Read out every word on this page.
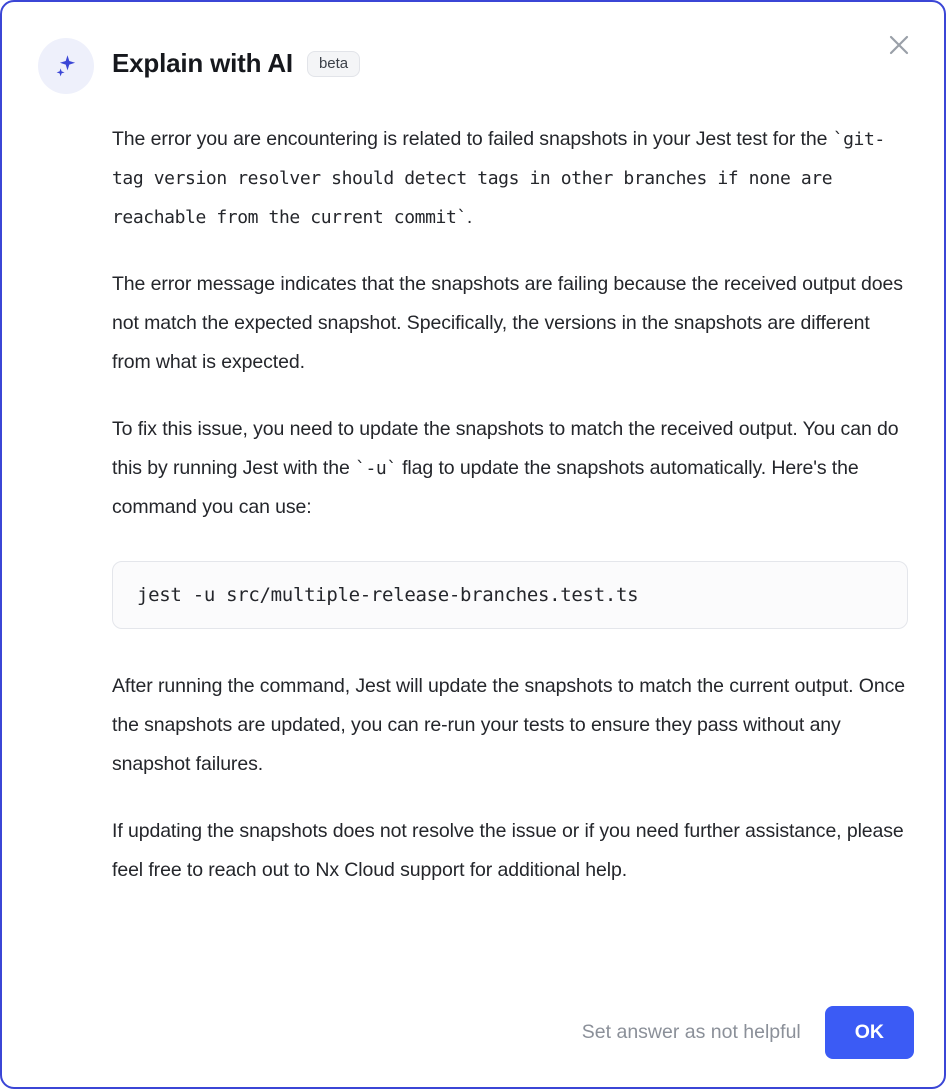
Explain with AI	beta

The error you are encountering is related to failed snapshots in your Jest test for the `git-tag version resolver should detect tags in other branches if none are reachable from the current commit`.

The error message indicates that the snapshots are failing because the received output does not match the expected snapshot. Specifically, the versions in the snapshots are different from what is expected.

To fix this issue, you need to update the snapshots to match the received output. You can do this by running Jest with the `-u` flag to update the snapshots automatically. Here's the command you can use:

jest -u src/multiple-release-branches.test.ts

After running the command, Jest will update the snapshots to match the current output. Once the snapshots are updated, you can re-run your tests to ensure they pass without any snapshot failures.

If updating the snapshots does not resolve the issue or if you need further assistance, please feel free to reach out to Nx Cloud support for additional help.

Set answer as not helpful	OK
